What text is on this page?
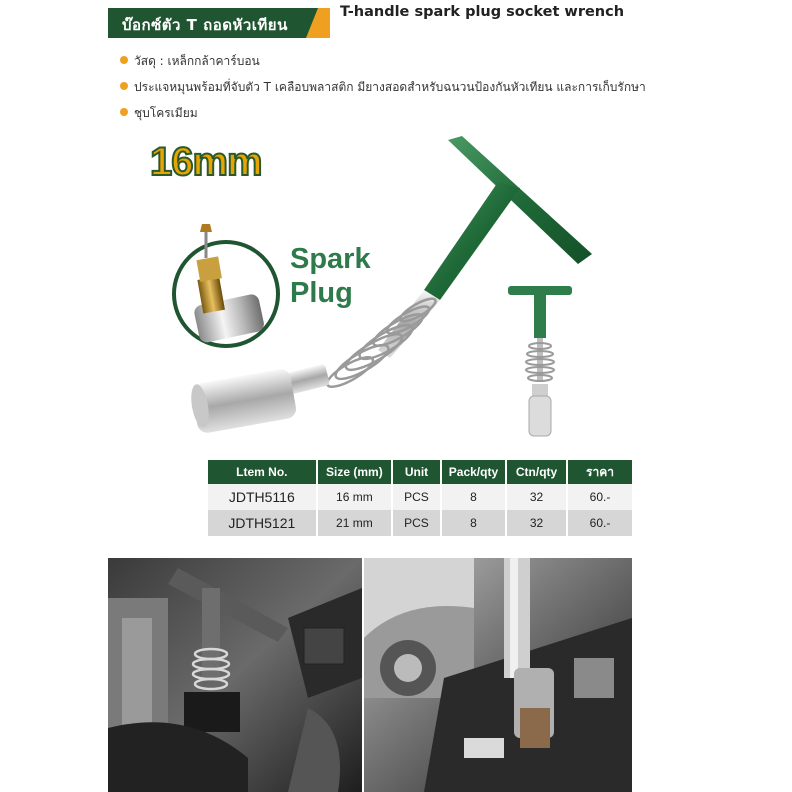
บ๊อกซ์ตัว T ถอดหัวเทียน
T-handle spark plug socket wrench
วัสดุ : เหล็กกล้าคาร์บอน
ประแจหมุนพร้อมที่จับตัว T เคลือบพลาสติก มียางสอดสำหรับฉนวนป้องกันหัวเทียน และการเก็บรักษา
ชุบโครเมียม
16mm
Spark
Plug
Ltem No.	Size (mm)	Unit	Pack/qty	Ctn/qty	ราคา
JDTH5116	16 mm	PCS	8	32	60.-
JDTH5121	21 mm	PCS	8	32	60.-
